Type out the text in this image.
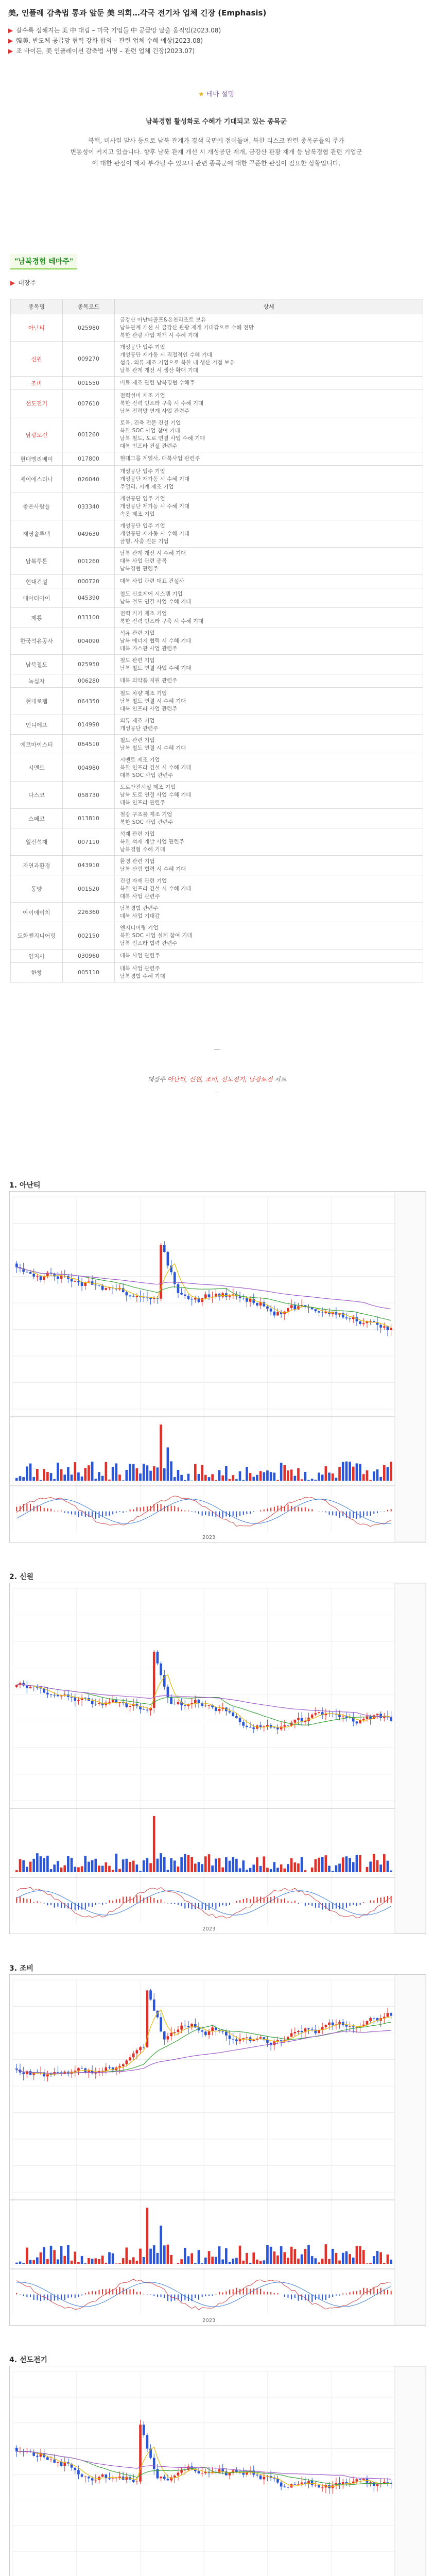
美, 인플레 감축법 통과 앞둔 美 의회…각국 전기차 업체 긴장 (Emphasis)
▶ 갈수록 심해지는 美 中 대립 – 미국 기업들 中 공급망 탈출 움직임(2023.08)
▶ 韓美, 반도체 공급망 협력 강화 합의 – 관련 업체 수혜 예상(2023.08)
▶ 조 바이든, 美 인플레이션 감축법 서명 – 관련 업체 긴장(2023.07)
★ 테마 설명
남북경협 활성화로 수혜가 기대되고 있는 종목군
북핵, 미사일 발사 등으로 남북 관계가 경색 국면에 접어들며, 북한 리스크 관련 종목군들의 주가
변동성이 커지고 있습니다. 향후 남북 관계 개선 시 개성공단 재개, 금강산 관광 재개 등 남북경협 관련 기업군
에 대한 관심이 재차 부각될 수 있으니 관련 종목군에 대한 꾸준한 관심이 필요한 상황입니다.
"남북경협 테마주"
▶ 대장주
종목명	종목코드	상세
아난티	025980	금강산 아난티골프&온천리조트 보유
남북관계 개선 시 금강산 관광 재개 기대감으로 수혜 전망
북한 관광 사업 재개 시 수혜 기대

신원	009270	개성공단 입주 기업
개성공단 재가동 시 직접적인 수혜 기대
섬유, 의류 제조 기업으로 북한 내 생산 거점 보유
남북 관계 개선 시 생산 확대 기대

조비	001550	비료 제조 관련 남북경협 수혜주

선도전기	007610	전력설비 제조 기업
북한 전력 인프라 구축 시 수혜 기대
남북 전력망 연계 사업 관련주

남광토건	001260	토목, 건축 전문 건설 기업
북한 SOC 사업 참여 기대
남북 철도, 도로 연결 사업 수혜 기대
대북 인프라 건설 관련주

현대엘리베이	017800	현대그룹 계열사, 대북사업 관련주

제이에스티나	026040	개성공단 입주 기업
개성공단 재가동 시 수혜 기대
주얼리, 시계 제조 기업

좋은사람들	033340	개성공단 입주 기업
개성공단 재가동 시 수혜 기대
속옷 제조 기업

재영솔루텍	049630	개성공단 입주 기업
개성공단 재가동 시 수혜 기대
금형, 사출 전문 기업

남북투톤	001260	남북 관계 개선 시 수혜 기대
대북 사업 관련 종목
남북경협 관련주

현대건설	000720	대북 사업 관련 대표 건설사

대아티아이	045390	철도 신호제어 시스템 기업
남북 철도 연결 사업 수혜 기대

제룡	033100	전력 기기 제조 기업
북한 전력 인프라 구축 시 수혜 기대

한국석유공사	004090	석유 관련 기업
남북 에너지 협력 시 수혜 기대
대북 가스관 사업 관련주

남북철도	025950	철도 관련 기업
남북 철도 연결 사업 수혜 기대

녹십자	006280	대북 의약품 지원 관련주

현대로템	064350	철도 차량 제조 기업
남북 철도 연결 시 수혜 기대
대북 인프라 사업 관련주

인디에프	014990	의류 제조 기업
개성공단 관련주

에코마이스터	064510	철도 관련 기업
남북 철도 연결 시 수혜 기대

시멘트	004980	시멘트 제조 기업
북한 인프라 건설 시 수혜 기대
대북 SOC 사업 관련주

다스코	058730	도로안전시설 제조 기업
남북 도로 연결 사업 수혜 기대
대북 인프라 관련주

스페코	013810	철강 구조물 제조 기업
북한 SOC 사업 관련주

일신석재	007110	석재 관련 기업
북한 석재 개발 사업 관련주
남북경협 수혜 기대

자연과환경	043910	환경 관련 기업
남북 산림 협력 시 수혜 기대

동양	001520	건설 자재 관련 기업
북한 인프라 건설 시 수혜 기대
대북 사업 관련주

아이에이치	226360	남북경협 관련주
대북 사업 기대감

도화엔지니어링	002150	엔지니어링 기업
북한 SOC 사업 설계 참여 기대
남북 인프라 협력 관련주

양지사	030960	대북 사업 관련주

한창	005110	대북 사업 관련주
남북경협 수혜 기대
—
대장주 아난티, 신원, 조비, 선도전기, 남광토건 차트
··
1. 아난티
2023
2. 신원
2023
3. 조비
2023
4. 선도전기
